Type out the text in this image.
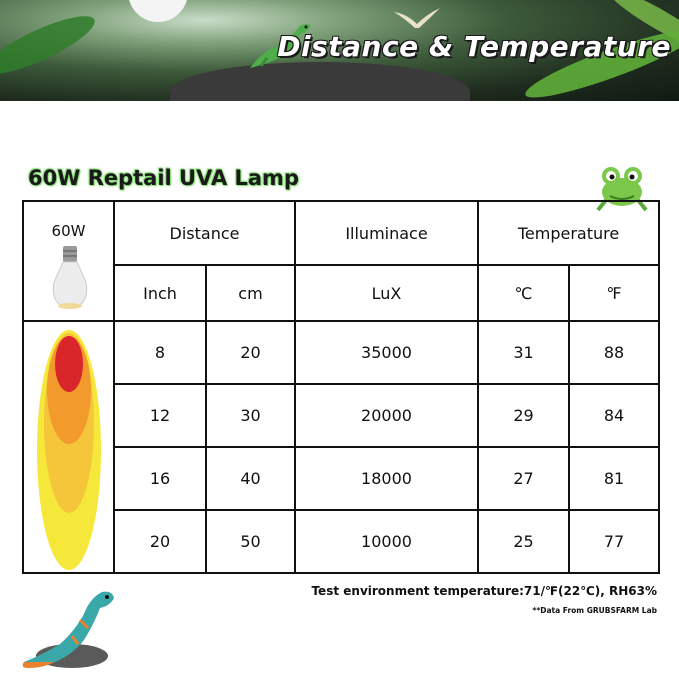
Distance & Temperature
60W Reptail UVA Lamp
60W	Distance		Illuminace	Temperature	
	Inch	cm	LuX	℃	℉

	8	20	35000	31	88
	12	30	20000	29	84
	16	40	18000	27	81
	20	50	10000	25	77
Test environment temperature:71/℉(22℃), RH63%
**Data From GRUBSFARM Lab
